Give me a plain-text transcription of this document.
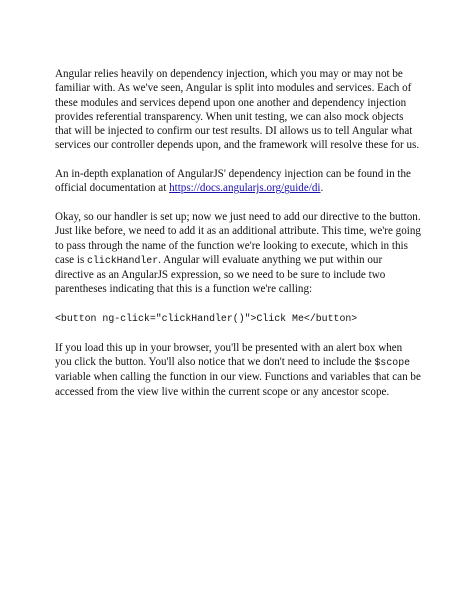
Angular relies heavily on dependency injection, which you may or may not be familiar with. As we've seen, Angular is split into modules and services. Each of these modules and services depend upon one another and dependency injection provides referential transparency. When unit testing, we can also mock objects that will be injected to confirm our test results. DI allows us to tell Angular what services our controller depends upon, and the framework will resolve these for us.

An in-depth explanation of AngularJS' dependency injection can be found in the official documentation at https://docs.angularjs.org/guide/di.

Okay, so our handler is set up; now we just need to add our directive to the button. Just like before, we need to add it as an additional attribute. This time, we're going to pass through the name of the function we're looking to execute, which in this case is clickHandler. Angular will evaluate anything we put within our directive as an AngularJS expression, so we need to be sure to include two parentheses indicating that this is a function we're calling:

<button ng-click="clickHandler()">Click Me</button>

If you load this up in your browser, you'll be presented with an alert box when you click the button. You'll also notice that we don't need to include the $scope variable when calling the function in our view. Functions and variables that can be accessed from the view live within the current scope or any ancestor scope.
